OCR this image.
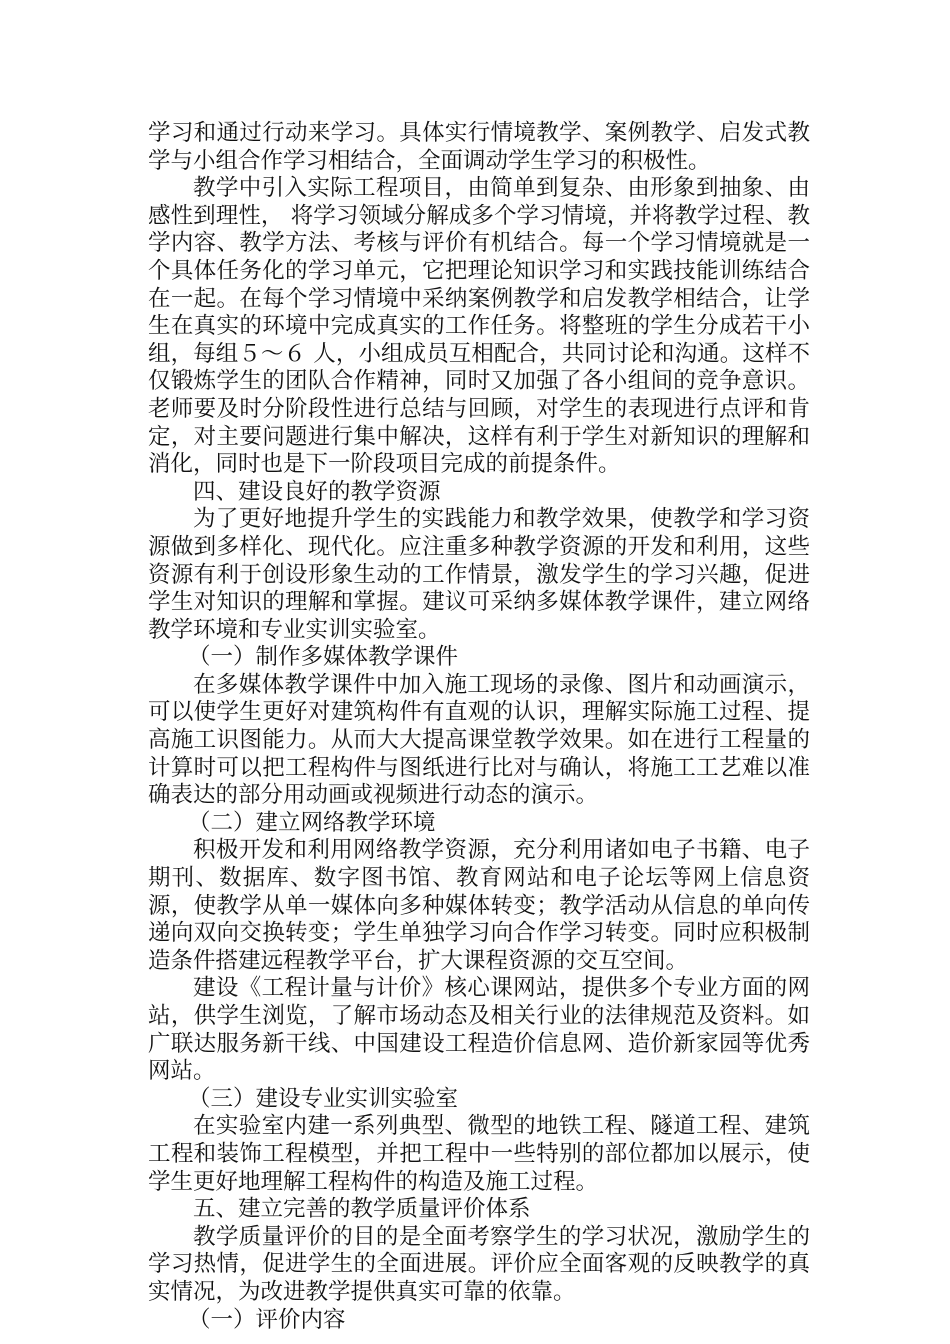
学习和通过行动来学习。具体实行情境教学、案例教学、启发式教学与小组合作学习相结合，全面调动学生学习的积极性。

教学中引入实际工程项目，由简单到复杂、由形象到抽象、由感性到理性， 将学习领域分解成多个学习情境，并将教学过程、教学内容、教学方法、考核与评价有机结合。每一个学习情境就是一个具体任务化的学习单元，它把理论知识学习和实践技能训练结合在一起。在每个学习情境中采纳案例教学和启发教学相结合，让学生在真实的环境中完成真实的工作任务。将整班的学生分成若干小组，每组５～６ 人，小组成员互相配合，共同讨论和沟通。这样不仅锻炼学生的团队合作精神，同时又加强了各小组间的竞争意识。老师要及时分阶段性进行总结与回顾，对学生的表现进行点评和肯定，对主要问题进行集中解决，这样有利于学生对新知识的理解和消化，同时也是下一阶段项目完成的前提条件。

四、建设良好的教学资源

为了更好地提升学生的实践能力和教学效果，使教学和学习资源做到多样化、现代化。应注重多种教学资源的开发和利用，这些资源有利于创设形象生动的工作情景，激发学生的学习兴趣，促进学生对知识的理解和掌握。建议可采纳多媒体教学课件，建立网络教学环境和专业实训实验室。

（一）制作多媒体教学课件

在多媒体教学课件中加入施工现场的录像、图片和动画演示，可以使学生更好对建筑构件有直观的认识，理解实际施工过程、提高施工识图能力。从而大大提高课堂教学效果。如在进行工程量的计算时可以把工程构件与图纸进行比对与确认，将施工工艺难以准确表达的部分用动画或视频进行动态的演示。

（二）建立网络教学环境

积极开发和利用网络教学资源，充分利用诸如电子书籍、电子期刊、数据库、数字图书馆、教育网站和电子论坛等网上信息资源，使教学从单一媒体向多种媒体转变；教学活动从信息的单向传递向双向交换转变；学生单独学习向合作学习转变。同时应积极制造条件搭建远程教学平台，扩大课程资源的交互空间。

建设《工程计量与计价》核心课网站，提供多个专业方面的网站，供学生浏览，了解市场动态及相关行业的法律规范及资料。如广联达服务新干线、中国建设工程造价信息网、造价新家园等优秀网站。

（三）建设专业实训实验室

在实验室内建一系列典型、微型的地铁工程、隧道工程、建筑工程和装饰工程模型，并把工程中一些特别的部位都加以展示，使学生更好地理解工程构件的构造及施工过程。

五、建立完善的教学质量评价体系

教学质量评价的目的是全面考察学生的学习状况，激励学生的学习热情，促进学生的全面进展。评价应全面客观的反映教学的真实情况，为改进教学提供真实可靠的依靠。

（一）评价内容
